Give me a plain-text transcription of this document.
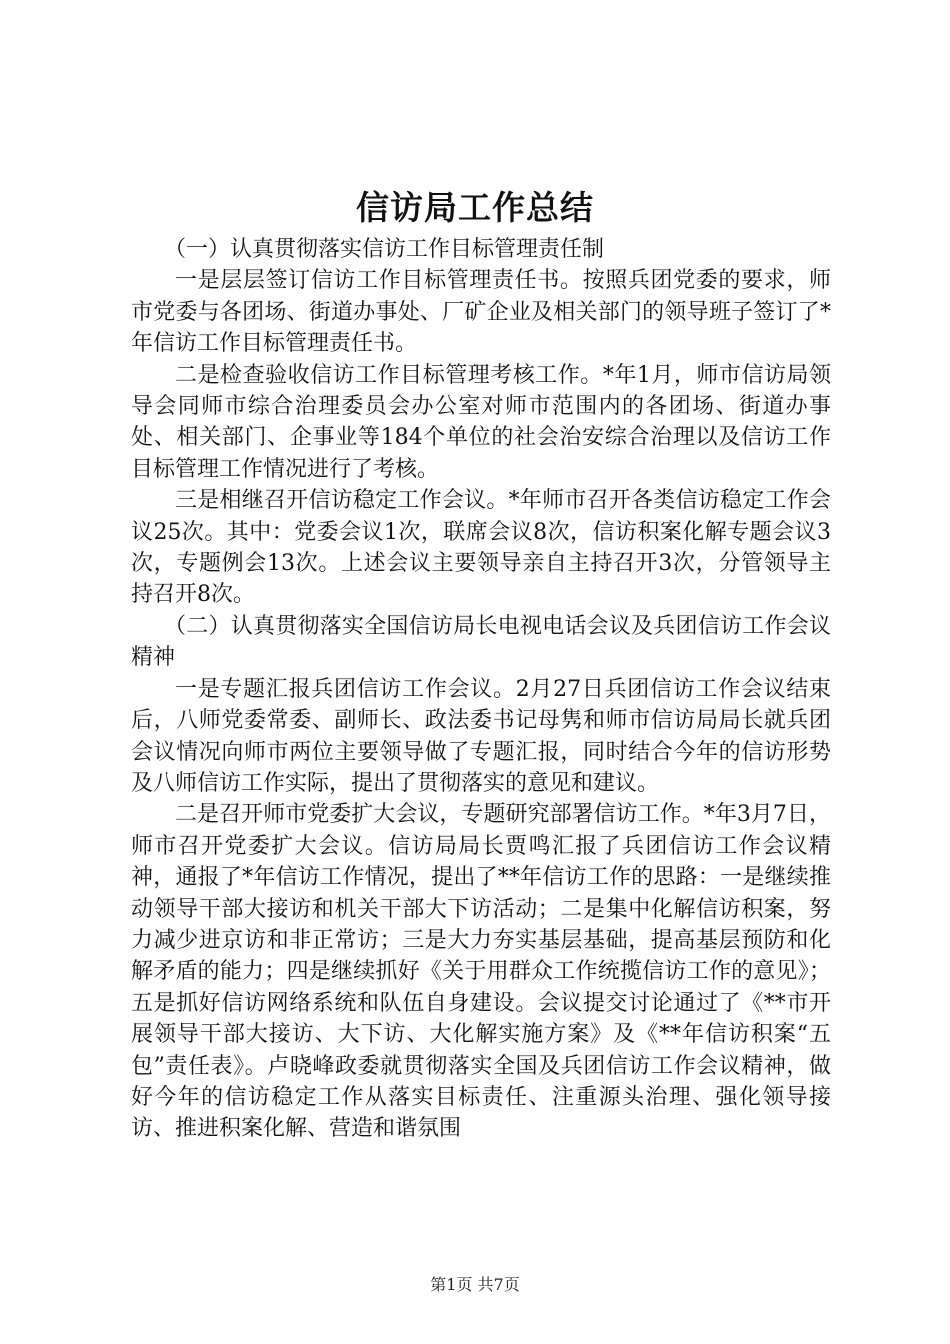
信访局工作总结

（一）认真贯彻落实信访工作目标管理责任制

一是层层签订信访工作目标管理责任书。按照兵团党委的要求，师市党委与各团场、街道办事处、厂矿企业及相关部门的领导班子签订了*年信访工作目标管理责任书。

二是检查验收信访工作目标管理考核工作。*年1月，师市信访局领导会同师市综合治理委员会办公室对师市范围内的各团场、街道办事处、相关部门、企事业等184个单位的社会治安综合治理以及信访工作目标管理工作情况进行了考核。

三是相继召开信访稳定工作会议。*年师市召开各类信访稳定工作会议25次。其中：党委会议1次，联席会议8次，信访积案化解专题会议3次，专题例会13次。上述会议主要领导亲自主持召开3次，分管领导主持召开8次。

（二）认真贯彻落实全国信访局长电视电话会议及兵团信访工作会议精神

一是专题汇报兵团信访工作会议。2月27日兵团信访工作会议结束后，八师党委常委、副师长、政法委书记母隽和师市信访局局长就兵团会议情况向师市两位主要领导做了专题汇报，同时结合今年的信访形势及八师信访工作实际，提出了贯彻落实的意见和建议。

二是召开师市党委扩大会议，专题研究部署信访工作。*年3月7日，师市召开党委扩大会议。信访局局长贾鸣汇报了兵团信访工作会议精神，通报了*年信访工作情况，提出了**年信访工作的思路：一是继续推动领导干部大接访和机关干部大下访活动；二是集中化解信访积案，努力减少进京访和非正常访；三是大力夯实基层基础，提高基层预防和化解矛盾的能力；四是继续抓好《关于用群众工作统揽信访工作的意见》；五是抓好信访网络系统和队伍自身建设。会议提交讨论通过了《**市开展领导干部大接访、大下访、大化解实施方案》及《**年信访积案“五包”责任表》。卢晓峰政委就贯彻落实全国及兵团信访工作会议精神，做好今年的信访稳定工作从落实目标责任、注重源头治理、强化领导接访、推进积案化解、营造和谐氛围

第1页 共7页
